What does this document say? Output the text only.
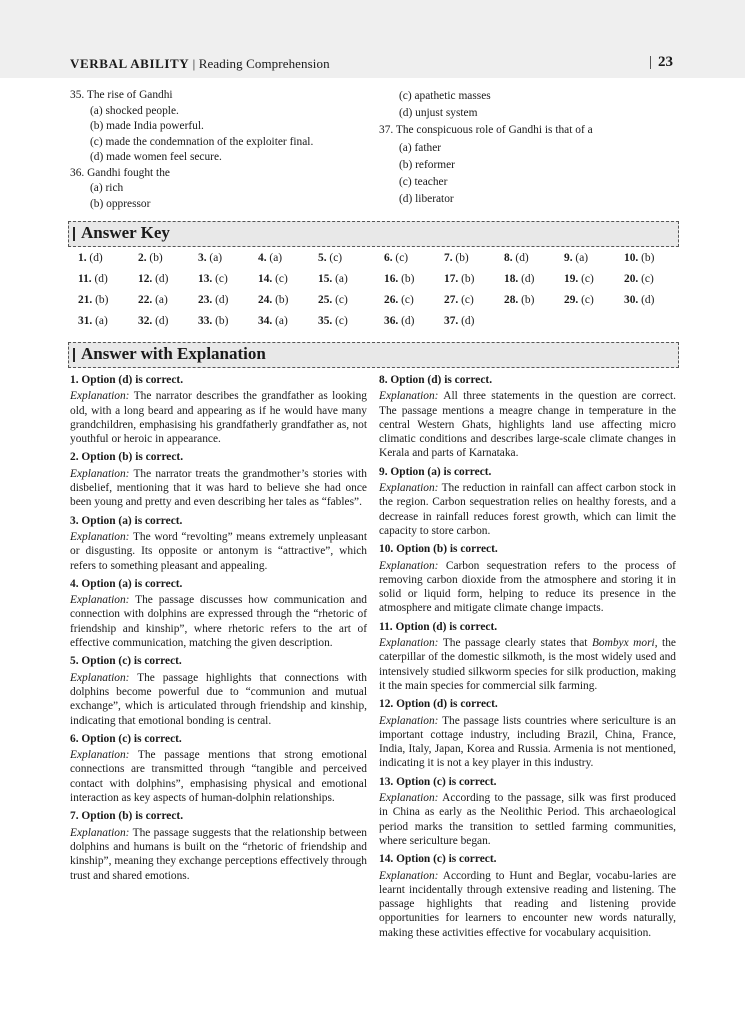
VERBAL ABILITY | Reading Comprehension	| 23
35. The rise of Gandhi
(a) shocked people.
(b) made India powerful.
(c) made the condemnation of the exploiter final.
(d) made women feel secure.
36. Gandhi fought the
(a) rich
(b) oppressor
(c) apathetic masses
(d) unjust system
37. The conspicuous role of Gandhi is that of a
(a) father
(b) reformer
(c) teacher
(d) liberator
Answer Key
1. (d)	2. (b)	3. (a)	4. (a)	5. (c)	6. (c)	7. (b)	8. (d)	9. (a)	10. (b)
11. (d)	12. (d)	13. (c)	14. (c)	15. (a)	16. (b)	17. (b)	18. (d)	19. (c)	20. (c)
21. (b)	22. (a)	23. (d)	24. (b)	25. (c)	26. (c)	27. (c)	28. (b)	29. (c)	30. (d)
31. (a)	32. (d)	33. (b)	34. (a)	35. (c)	36. (d)	37. (d)
Answer with Explanation
1. Option (d) is correct.
Explanation: The narrator describes the grandfather as looking old, with a long beard and appearing as if he would have many grandchildren, emphasising his grandfatherly grandfather as, not youthful or heroic in appearance.
2. Option (b) is correct.
Explanation: The narrator treats the grandmother’s stories with disbelief, mentioning that it was hard to believe she had once been young and pretty and even describing her tales as “fables”.
3. Option (a) is correct.
Explanation: The word “revolting” means extremely unpleasant or disgusting. Its opposite or antonym is “attractive”, which refers to something pleasant and appealing.
4. Option (a) is correct.
Explanation: The passage discusses how communication and connection with dolphins are expressed through the “rhetoric of friendship and kinship”, where rhetoric refers to the art of effective communication, matching the given description.
5. Option (c) is correct.
Explanation: The passage highlights that connections with dolphins become powerful due to “communion and mutual exchange”, which is articulated through friendship and kinship, indicating that emotional bonding is central.
6. Option (c) is correct.
Explanation: The passage mentions that strong emotional connections are transmitted through “tangible and perceived contact with dolphins”, emphasising physical and emotional interaction as key aspects of human-dolphin relationships.
7. Option (b) is correct.
Explanation: The passage suggests that the relationship between dolphins and humans is built on the “rhetoric of friendship and kinship”, meaning they exchange perceptions effectively through trust and shared emotions.
8. Option (d) is correct.
Explanation: All three statements in the question are correct. The passage mentions a meagre change in temperature in the central Western Ghats, highlights land use affecting micro climatic conditions and describes large-scale climate changes in Kerala and parts of Karnataka.
9. Option (a) is correct.
Explanation: The reduction in rainfall can affect carbon stock in the region. Carbon sequestration relies on healthy forests, and a decrease in rainfall reduces forest growth, which can limit the capacity to store carbon.
10. Option (b) is correct.
Explanation: Carbon sequestration refers to the process of removing carbon dioxide from the atmosphere and storing it in solid or liquid form, helping to reduce its presence in the atmosphere and mitigate climate change impacts.
11. Option (d) is correct.
Explanation: The passage clearly states that Bombyx mori, the caterpillar of the domestic silkmoth, is the most widely used and intensively studied silkworm species for silk production, making it the main species for commercial silk farming.
12. Option (d) is correct.
Explanation: The passage lists countries where sericulture is an important cottage industry, including Brazil, China, France, India, Italy, Japan, Korea and Russia. Armenia is not mentioned, indicating it is not a key player in this industry.
13. Option (c) is correct.
Explanation: According to the passage, silk was first produced in China as early as the Neolithic Period. This archaeological period marks the transition to settled farming communities, where sericulture began.
14. Option (c) is correct.
Explanation: According to Hunt and Beglar, vocabu-laries are learnt incidentally through extensive reading and listening. The passage highlights that reading and listening provide opportunities for learners to encounter new words naturally, making these activities effective for vocabulary acquisition.
